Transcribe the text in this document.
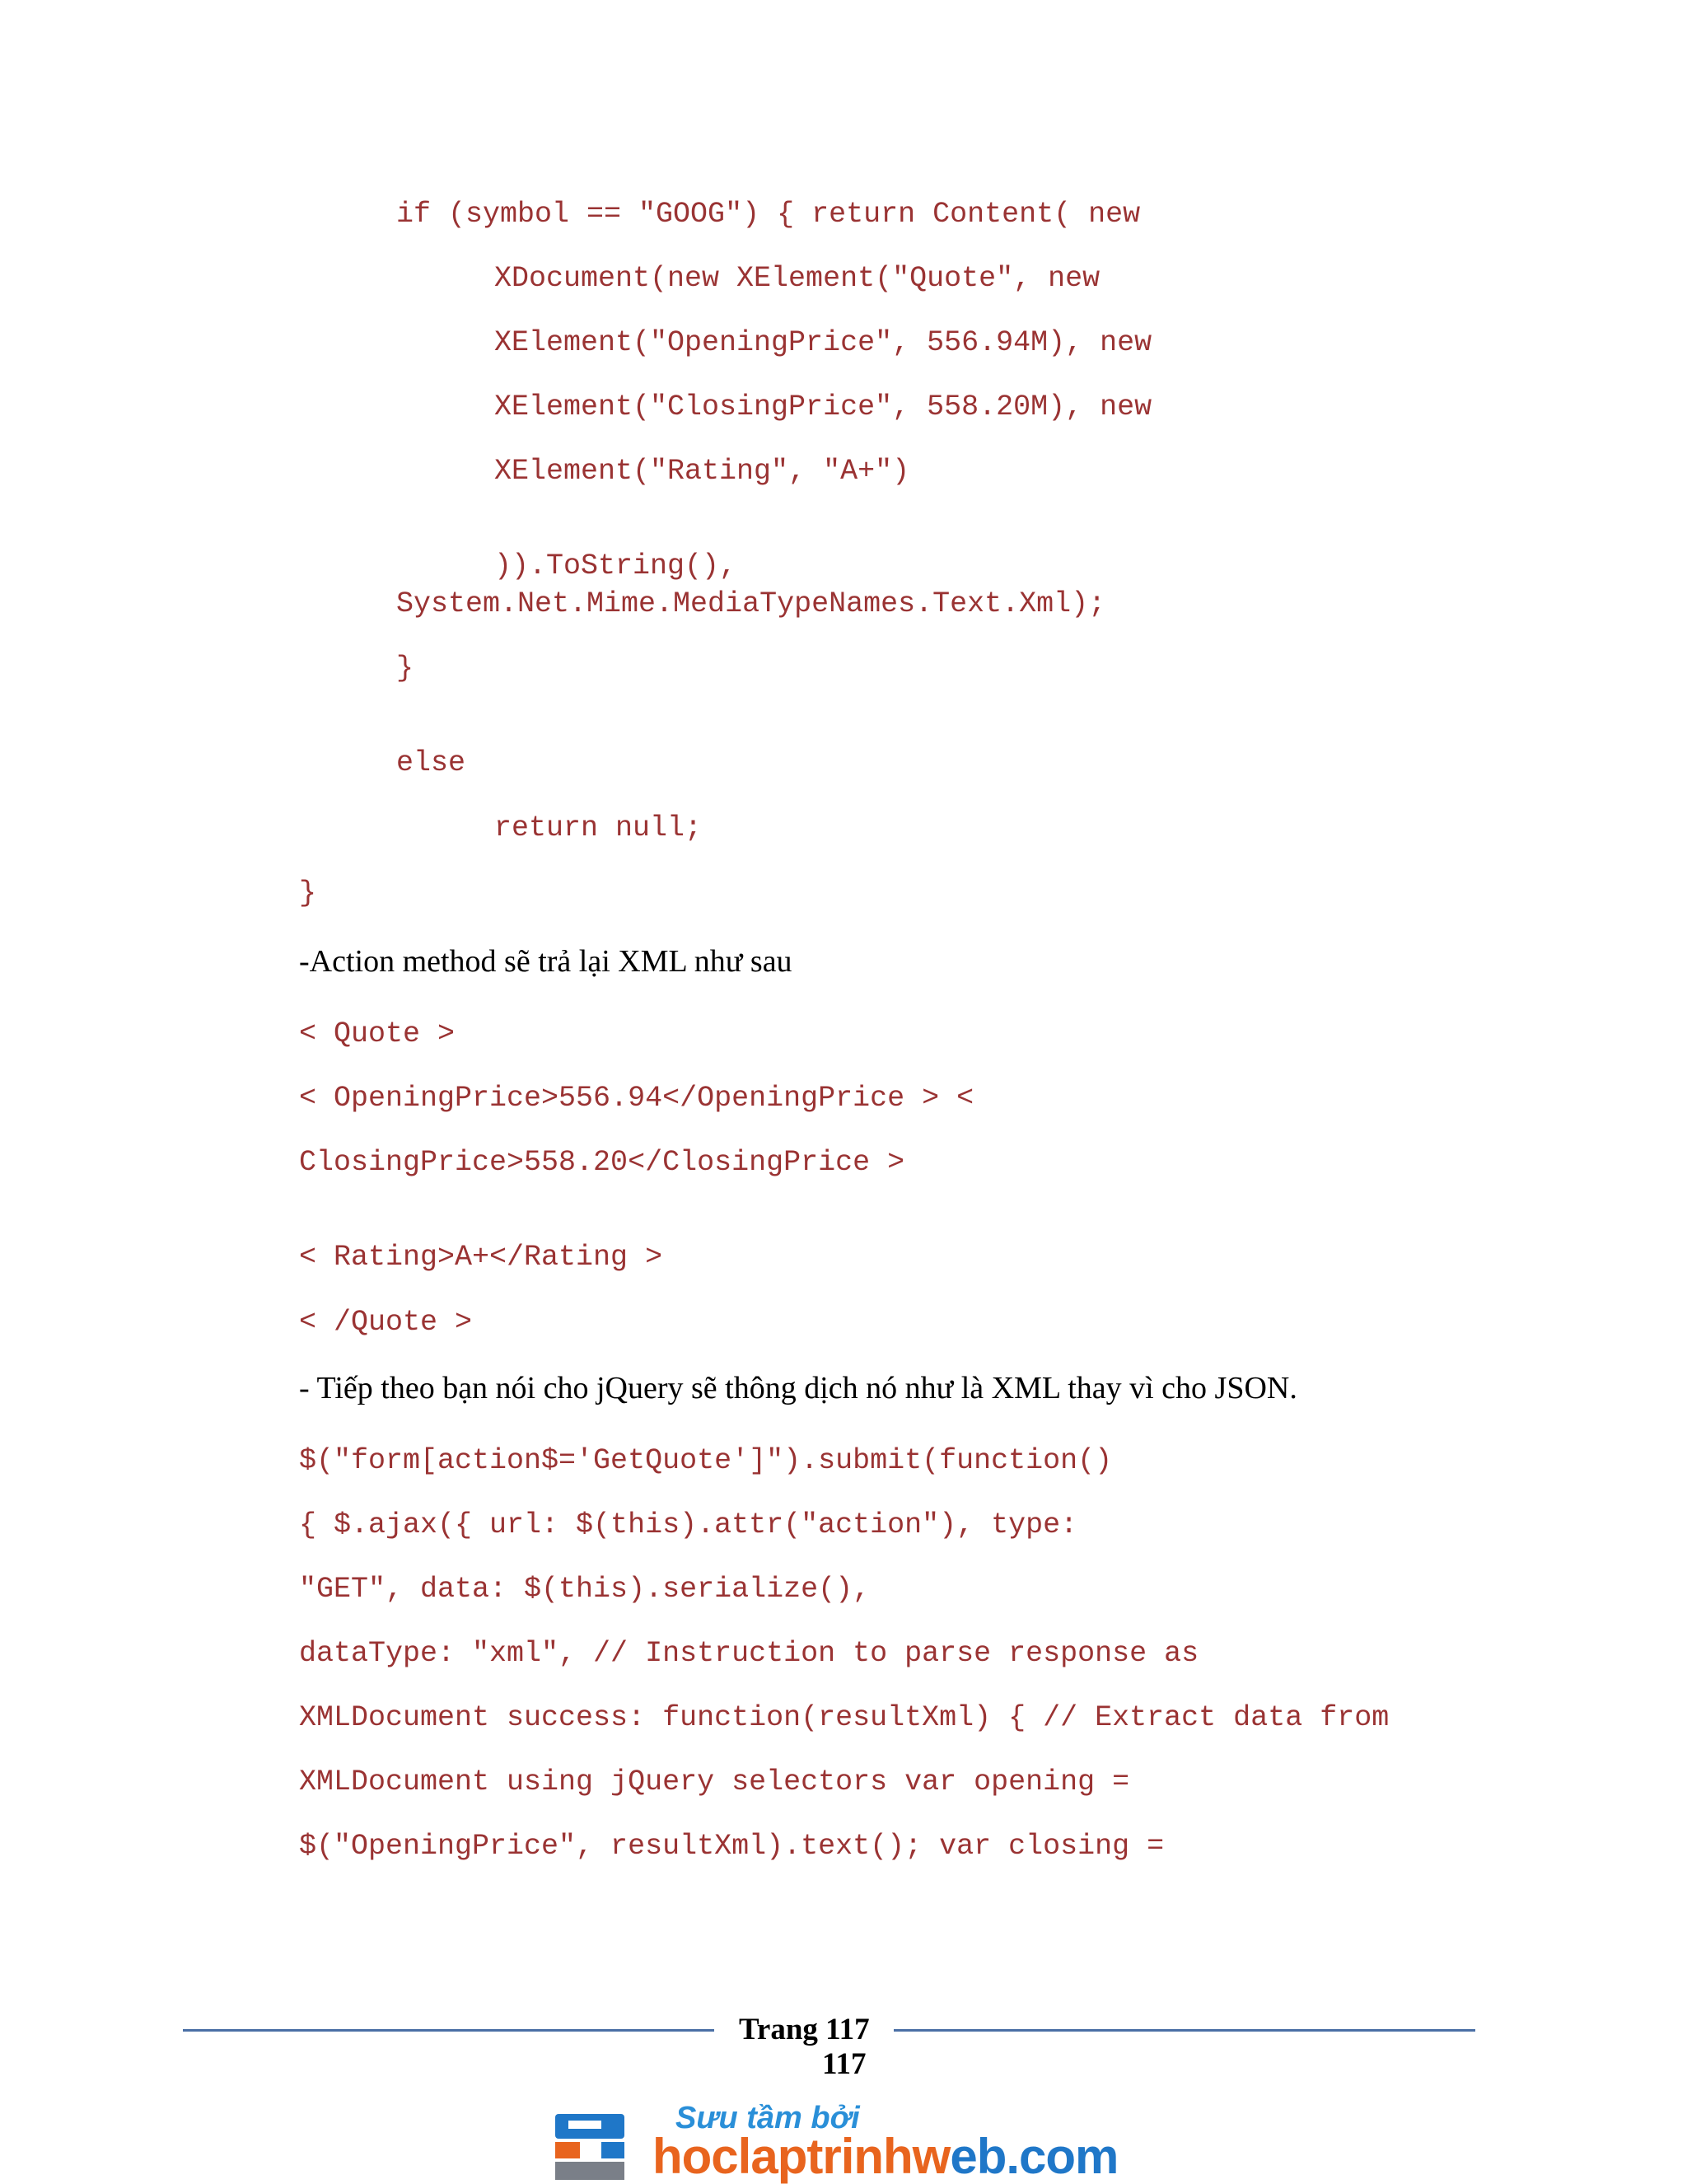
if (symbol == "GOOG") { return Content( new
XDocument(new XElement("Quote", new
XElement("OpeningPrice", 556.94M), new
XElement("ClosingPrice", 558.20M), new
XElement("Rating", "A+")
)).ToString(),
System.Net.Mime.MediaTypeNames.Text.Xml);
}
else
return null;
}
-Action method sẽ trả lại XML như sau
< Quote >
< OpeningPrice>556.94</OpeningPrice > <
ClosingPrice>558.20</ClosingPrice >
< Rating>A+</Rating >
< /Quote >
- Tiếp theo bạn nói cho jQuery sẽ thông dịch nó như là XML thay vì cho JSON.
$("form[action$='GetQuote']").submit(function()
{ $.ajax({ url: $(this).attr("action"), type:
"GET", data: $(this).serialize(),
dataType: "xml", // Instruction to parse response as
XMLDocument success: function(resultXml) { // Extract data from
XMLDocument using jQuery selectors var opening =
$("OpeningPrice", resultXml).text(); var closing =
Trang 117
117
Sưu tầm bởi
hoclaptrinhweb.com
